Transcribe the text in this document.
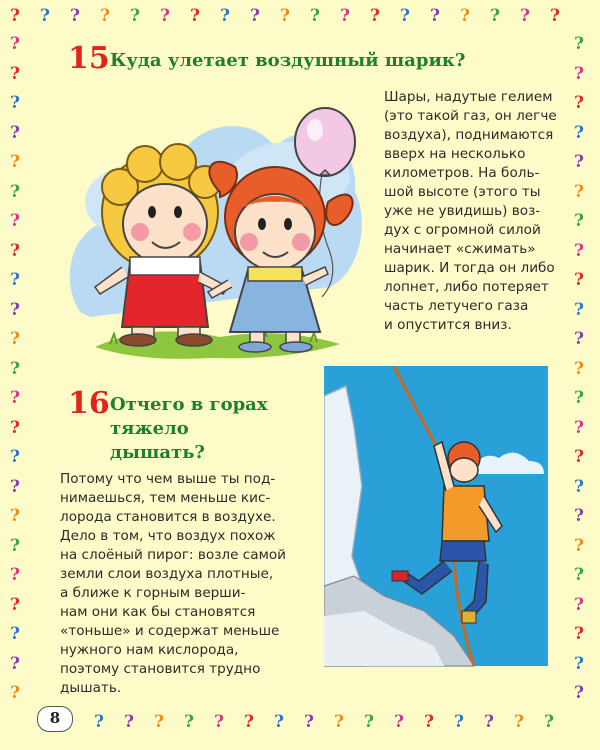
? ? ? ? ? ? ? ? ? ? ? ? ? ? ? ? ? ? ?
? ? ? ? ? ? ? ? ? ? ? ? ? ? ? ?
?
?
?
?
?
?
?
?
?
?
?
?
?
?
?
?
?
?
?
?
?
?
?
?
?
?
?
?
?
?
?
?
?
?
?
?
?
?
?
?
?
?
?
?
?
?
15 Куда улетает воздушный шарик?
Шары, надутые гелием
(это такой газ, он легче
воздуха), поднимаются
вверх на несколько
километров. На боль-
шой высоте (этого ты
уже не увидишь) воз-
дух с огромной силой
начинает «сжимать»
шарик. И тогда он либо
лопнет, либо потеряет
часть летучего газа
и опустится вниз.
16 Отчего в горах
тяжело
дышать?
Потому что чем выше ты под-
нимаешься, тем меньше кис-
лорода становится в воздухе.
Дело в том, что воздух похож
на слоёный пирог: возле самой
земли слои воздуха плотные,
а ближе к горным верши-
нам они как бы становятся
«тоньше» и содержат меньше
нужного нам кислорода,
поэтому становится трудно
дышать.
8
